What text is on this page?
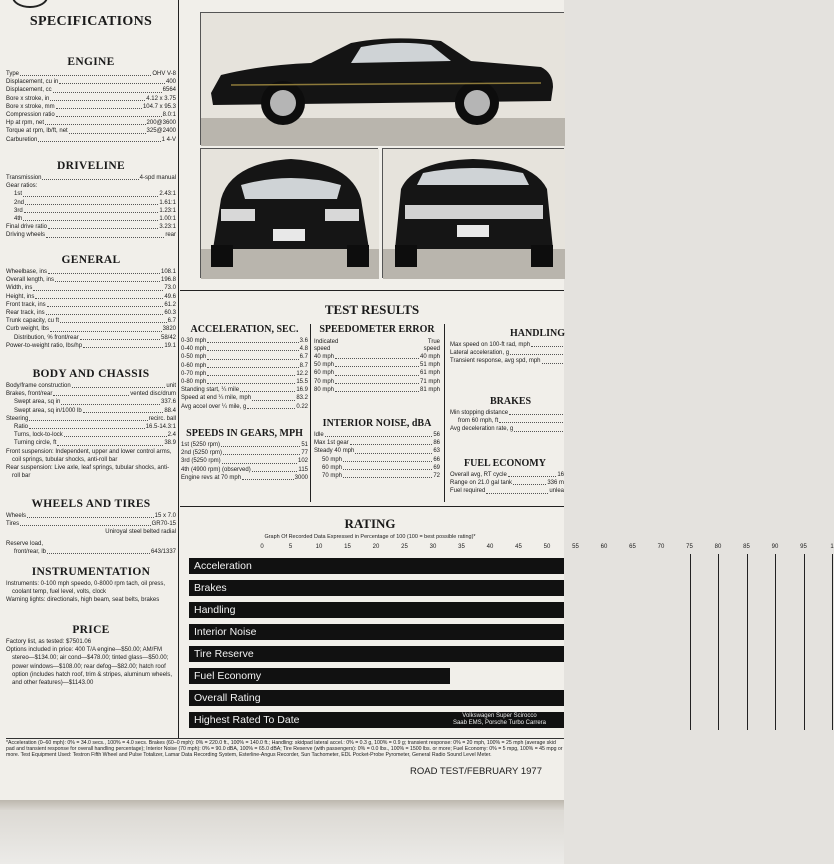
SPECIFICATIONS
ENGINE
Type	OHV V-8
Displacement, cu in	400
Displacement, cc	6564
Bore x stroke, in	4.12 x 3.75
Bore x stroke, mm	104.7 x 95.3
Compression ratio	8.0:1
Hp at rpm, net	200@3600
Torque at rpm, lb/ft, net	325@2400
Carburetion	1 4-V
DRIVELINE
Transmission	4-spd manual
Gear ratios:
1st	2.43:1
2nd	1.61:1
3rd	1.23:1
4th	1.00:1
Final drive ratio	3.23:1
Driving wheels	rear
GENERAL
Wheelbase, ins	108.1
Overall length, ins	196.8
Width, ins	73.0
Height, ins	49.6
Front track, ins	61.2
Rear track, ins	60.3
Trunk capacity, cu ft	6.7
Curb weight, lbs	3820
Distribution, % front/rear	58/42
Power-to-weight ratio, lbs/hp	19.1
BODY AND CHASSIS
Body/frame construction	unit
Brakes, front/rear	vented disc/drum
Swept area, sq in	337.6
Swept area, sq in/1000 lb	88.4
Steering	recirc. ball
Ratio	16.5-14.3:1
Turns, lock-to-lock	2.4
Turning circle, ft	38.9
Front suspension: Independent, upper and lower control arms, coil springs, tubular shocks, anti-roll bar
Rear suspension: Live axle, leaf springs, tubular shocks, anti-roll bar
WHEELS AND TIRES
Wheels	15 x 7.0
Tires	GR70-15
Uniroyal steel belted radial
Reserve load,
front/rear, lb	643/1337
INSTRUMENTATION
Instruments: 0-100 mph speedo, 0-8000 rpm tach, oil press, coolant temp, fuel level, volts, clock
Warning lights: directionals, high beam, seat belts, brakes
PRICE
Factory list, as tested: $7501.06
Options included in price: 400 T/A engine—$50.00; AM/FM stereo—$134.00; air cond—$478.00; tinted glass—$50.00; power windows—$108.00; rear defog—$82.00; hatch roof option (includes hatch roof, trim & stripes, aluminum wheels, and other features)—$1143.00
TEST RESULTS
ACCELERATION, SEC.
0-30 mph	3.6
0-40 mph	4.8
0-50 mph	6.7
0-60 mph	8.7
0-70 mph	12.2
0-80 mph	15.5
Standing start, ¼ mile	16.9
Speed at end ¼ mile, mph	83.2
Avg accel over ¼ mile, g	0.22
SPEEDS IN GEARS, MPH
1st (5250 rpm)	51
2nd (5250 rpm)	77
3rd (5250 rpm)	102
4th (4900 rpm) (observed)	115
Engine revs at 70 mph	3000
SPEEDOMETER ERROR
Indicated	True
speed	speed
40 mph	40 mph
50 mph	51 mph
60 mph	61 mph
70 mph	71 mph
80 mph	81 mph
INTERIOR NOISE, dBA
Idle	56
Max 1st gear	86
Steady 40 mph	63
50 mph	66
60 mph	69
70 mph	72
HANDLING
Max speed on 100-ft rad, mph
Lateral acceleration, g
Transient response, avg spd, mph
BRAKES
Min stopping distance
from 60 mph, ft
Avg deceleration rate, g
FUEL ECONOMY
Overall avg, RT cycle	16
Range on 21.0 gal tank	336 m
Fuel required	unlea
RATING
Graph Of Recorded Data Expressed in Percentage of 100 (100 = best possible rating)*
0	5	10	15	20	25	30	35	40	45	50	55	60	65	70	75	80	85	90	95	1
Acceleration
Brakes
Handling
Interior Noise
Tire Reserve
Fuel Economy
Overall Rating
Highest Rated To Date	Volkswagen Super Scirocco
Saab EMS, Porsche Turbo Carrera
*Acceleration (0–60 mph): 0% = 34.0 secs., 100% = 4.0 secs. Brakes (60–0 mph): 0% = 220.0 ft., 100% = 140.0 ft.; Handling: skidpad lateral accel.: 0% = 0.3 g, 100% = 0.9 g; transient response: 0% = 20 mph, 100% = 25 mph (average skid pad and transient response for overall handling percentage); Interior Noise (70 mph): 0% = 90.0 dBA, 100% = 65.0 dBA; Tire Reserve (with passengers): 0% = 0.0 lbs., 100% = 1500 lbs. or more; Fuel Economy: 0% = 5 mpg, 100% = 45 mpg or more. Test Equipment Used: Testron Fifth Wheel and Pulse Totalizer, Lamar Data Recording System, Esterline-Angus Recorder, Sun Tachometer, EDL Pocket-Probe Pyrometer, General Radio Sound Level Meter.
ROAD TEST/FEBRUARY 1977
